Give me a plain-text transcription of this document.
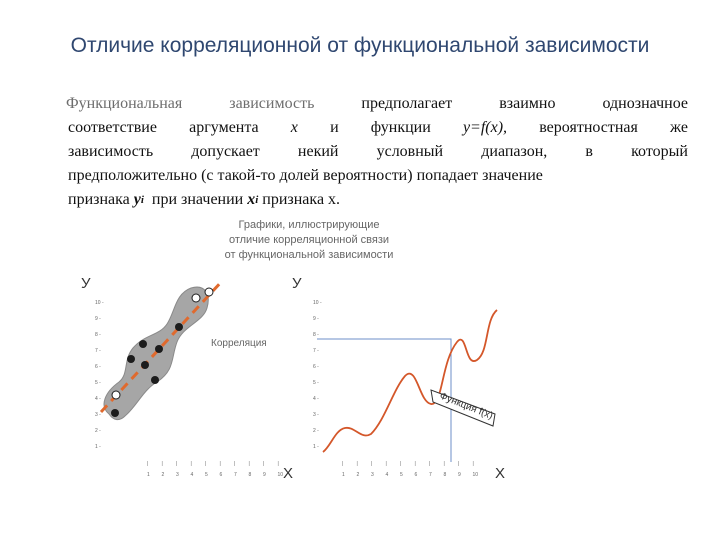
Отличие корреляционной от функциональной зависимости
Функциональная	зависимость	предполагает	взаимно	однозначное
соответствие аргумента x и функции y=f(x), вероятностная же
зависимость допускает некий условный диапазон, в который
предположительно (с такой-то долей вероятности) попадает значение
признака y i при значении x i признака x.
Графики, иллюстрирующие
отличие корреляционной связи
от функциональной зависимости
У
Х
1
|
2
|
3
|
4
|
5
|
6
|
7
|
8
|
9
|
10
|
1 -
2 -
3 -
4 -
5 -
6 -
7 -
8 -
9 -
10 -
Корреляция
У
Х
1
|
2
|
3
|
4
|
5
|
6
|
7
|
8
|
9
|
10
|
1 -
2 -
3 -
4 -
5 -
6 -
7 -
8 -
9 -
10 -
Функция f(x)
